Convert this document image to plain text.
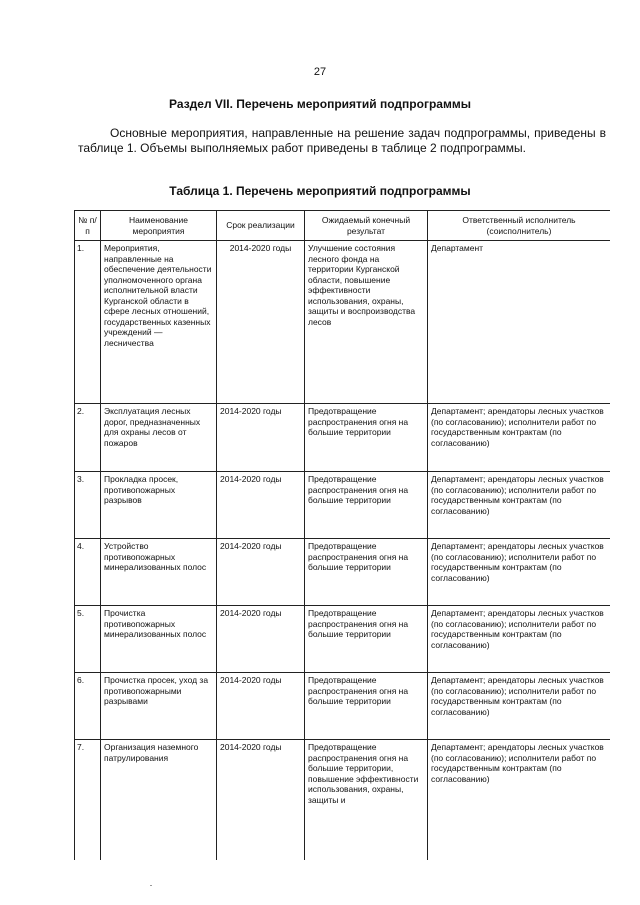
27
Раздел VII. Перечень мероприятий подпрограммы
Основные мероприятия, направленные на решение задач подпрограммы, приведены в таблице 1. Объемы выполняемых работ приведены в таблице 2 подпрограммы.
Таблица 1. Перечень мероприятий подпрограммы
№ п/п	Наименование мероприятия	Срок реализации	Ожидаемый конечный результат	Ответственный исполнитель (соисполнитель)
1.	Мероприятия, направленные на обеспечение деятельности уполномоченного органа исполнительной власти Курганской области в сфере лесных отношений, государственных казенных учреждений — лесничества	2014-2020 годы	Улучшение состояния лесного фонда на территории Курганской области, повышение эффективности использования, охраны, защиты и воспроизводства лесов	Департамент
2.	Эксплуатация лесных дорог, предназначенных для охраны лесов от пожаров	2014-2020 годы	Предотвращение распространения огня на большие территории	Департамент; арендаторы лесных участков (по согласованию); исполнители работ по государственным контрактам (по согласованию)
3.	Прокладка просек, противопожарных разрывов	2014-2020 годы	Предотвращение распространения огня на большие территории	Департамент; арендаторы лесных участков (по согласованию); исполнители работ по государственным контрактам (по согласованию)
4.	Устройство противопожарных минерализованных полос	2014-2020 годы	Предотвращение распространения огня на большие территории	Департамент; арендаторы лесных участков (по согласованию); исполнители работ по государственным контрактам (по согласованию)
5.	Прочистка противопожарных минерализованных полос	2014-2020 годы	Предотвращение распространения огня на большие территории	Департамент; арендаторы лесных участков (по согласованию); исполнители работ по государственным контрактам (по согласованию)
6.	Прочистка просек, уход за противопожарными разрывами	2014-2020 годы	Предотвращение распространения огня на большие территории	Департамент; арендаторы лесных участков (по согласованию); исполнители работ по государственным контрактам (по согласованию)
7.	Организация наземного патрулирования	2014-2020 годы	Предотвращение распространения огня на большие территории, повышение эффективности использования, охраны, защиты и	Департамент; арендаторы лесных участков (по согласованию); исполнители работ по государственным контрактам (по согласованию)
